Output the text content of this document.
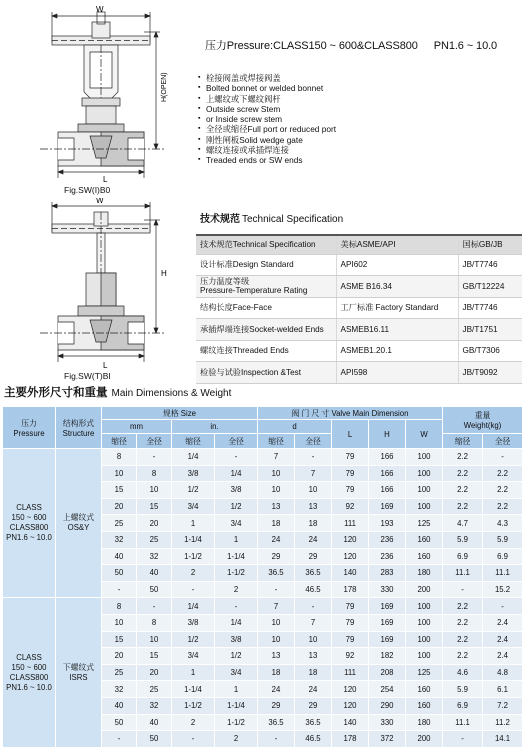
W
L
H(OPEN)
Fig.SW(I)B0
W
L
H
Fig.SW(T)BI
压力Pressure:CLASS150 ~ 600&CLASS800 PN1.6 ~ 10.0
▪ 栓接阀盖或焊接阀盖
▪ Bolted bonnet or welded bonnet
▪ 上螺纹或下螺纹阀杆
▪ Outside screw Stem
▪ or Inside screw stem
▪ 全径或缩径Full port or reduced port
▪ 刚性闸板Solid wedge gate
▪ 螺纹连接或承插焊连接
▪ Treaded ends or SW ends
技术规范 Technical Specification
技术规范Technical Specification	美标ASME/API	国标GB/JB
设计标准Design Standard	API602	JB/T7746
压力温度等级
Pressure-Temperature Rating	ASME B16.34	GB/T12224
结构长度Face-Face	工厂标准 Factory Standard	JB/T7746
承插焊端连接Socket-welded Ends	ASMEB16.11	JB/T1751
螺纹连接Threaded Ends	ASMEB1.20.1	GB/T7306
检验与试验Inspection &Test	API598	JB/T9092
主要外形尺寸和重量 Main Dimensions & Weight
压力
Pressure	结构形式
Structure	规格 Size				阀 门 尺 寸 Valve Main Dimension					重量
Weight(kg)	
		mm		in.		d		L	H	W		
		缩径	全径	缩径	全径	缩径	全径				缩径	全径
CLASS
150 ~ 600
CLASS800
PN1.6 ~ 10.0	上螺纹式
OS&Y	8	-	1/4	-	7	-	79	166	100	2.2	-
		10	8	3/8	1/4	10	7	79	166	100	2.2	2.2
		15	10	1/2	3/8	10	10	79	166	100	2.2	2.2
		20	15	3/4	1/2	13	13	92	169	100	2.2	2.2
		25	20	1	3/4	18	18	111	193	125	4.7	4.3
		32	25	1-1/4	1	24	24	120	236	160	5.9	5.9
		40	32	1-1/2	1-1/4	29	29	120	236	160	6.9	6.9
		50	40	2	1-1/2	36.5	36.5	140	283	180	11.1	11.1
		-	50	-	2	-	46.5	178	330	200	-	15.2
CLASS
150 ~ 600
CLASS800
PN1.6 ~ 10.0	下螺纹式
ISRS	8	-	1/4	-	7	-	79	169	100	2.2	-
		10	8	3/8	1/4	10	7	79	169	100	2.2	2.4
		15	10	1/2	3/8	10	10	79	169	100	2.2	2.4
		20	15	3/4	1/2	13	13	92	182	100	2.2	2.4
		25	20	1	3/4	18	18	111	208	125	4.6	4.8
		32	25	1-1/4	1	24	24	120	254	160	5.9	6.1
		40	32	1-1/2	1-1/4	29	29	120	290	160	6.9	7.2
		50	40	2	1-1/2	36.5	36.5	140	330	180	11.1	11.2
		-	50	-	2	-	46.5	178	372	200	-	14.1
